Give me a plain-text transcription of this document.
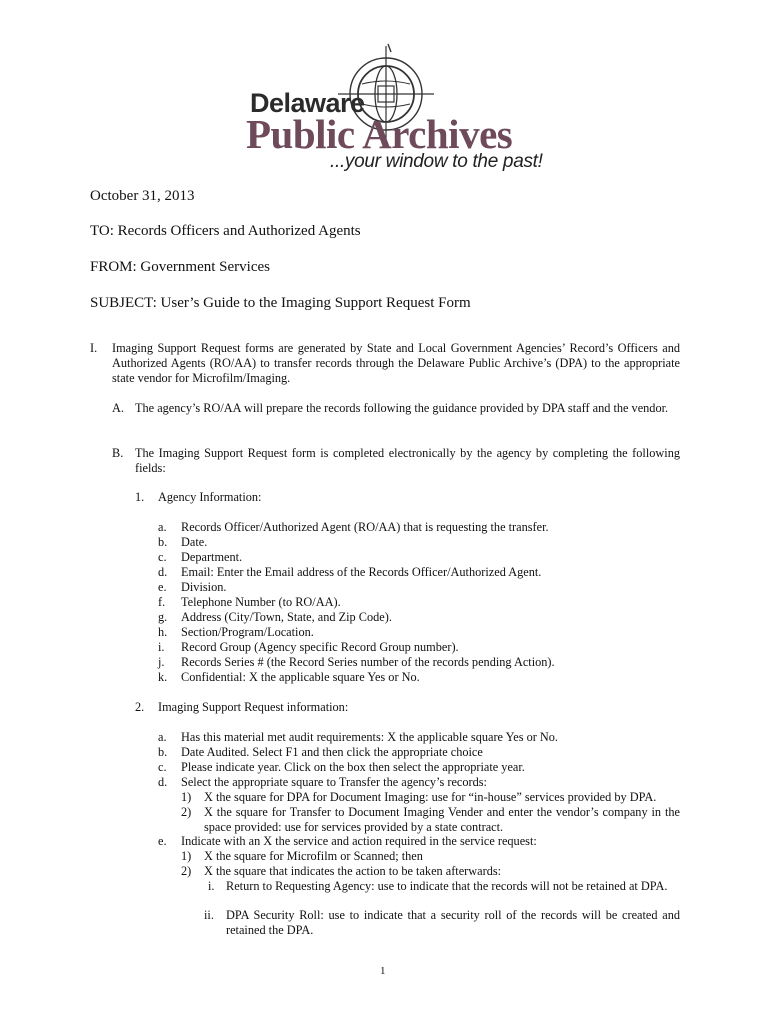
Delaware
Public Archives
...your window to the past!
October 31, 2013
TO: Records Officers and Authorized Agents
FROM: Government Services
SUBJECT: User’s Guide to the Imaging Support Request Form
I. Imaging Support Request forms are generated by State and Local Government Agencies’ Record’s Officers and Authorized Agents (RO/AA) to transfer records through the Delaware Public Archive’s (DPA) to the appropriate state vendor for Microfilm/Imaging.
A. The agency’s RO/AA will prepare the records following the guidance provided by DPA staff and the vendor.
B. The Imaging Support Request form is completed electronically by the agency by completing the following fields:
1. Agency Information:
a. Records Officer/Authorized Agent (RO/AA) that is requesting the transfer.
b. Date.
c. Department.
d. Email: Enter the Email address of the Records Officer/Authorized Agent.
e. Division.
f. Telephone Number (to RO/AA).
g. Address (City/Town, State, and Zip Code).
h. Section/Program/Location.
i. Record Group (Agency specific Record Group number).
j. Records Series # (the Record Series number of the records pending Action).
k. Confidential: X the applicable square Yes or No.
2. Imaging Support Request information:
a. Has this material met audit requirements: X the applicable square Yes or No.
b. Date Audited. Select F1 and then click the appropriate choice
c. Please indicate year. Click on the box then select the appropriate year.
d. Select the appropriate square to Transfer the agency’s records:
1) X the square for DPA for Document Imaging: use for “in-house” services provided by DPA.
2) X the square for Transfer to Document Imaging Vender and enter the vendor’s company in the space provided: use for services provided by a state contract.
e. Indicate with an X the service and action required in the service request:
1) X the square for Microfilm or Scanned; then
2) X the square that indicates the action to be taken afterwards:
i. Return to Requesting Agency: use to indicate that the records will not be retained at DPA.
ii. DPA Security Roll: use to indicate that a security roll of the records will be created and retained the DPA.
1
